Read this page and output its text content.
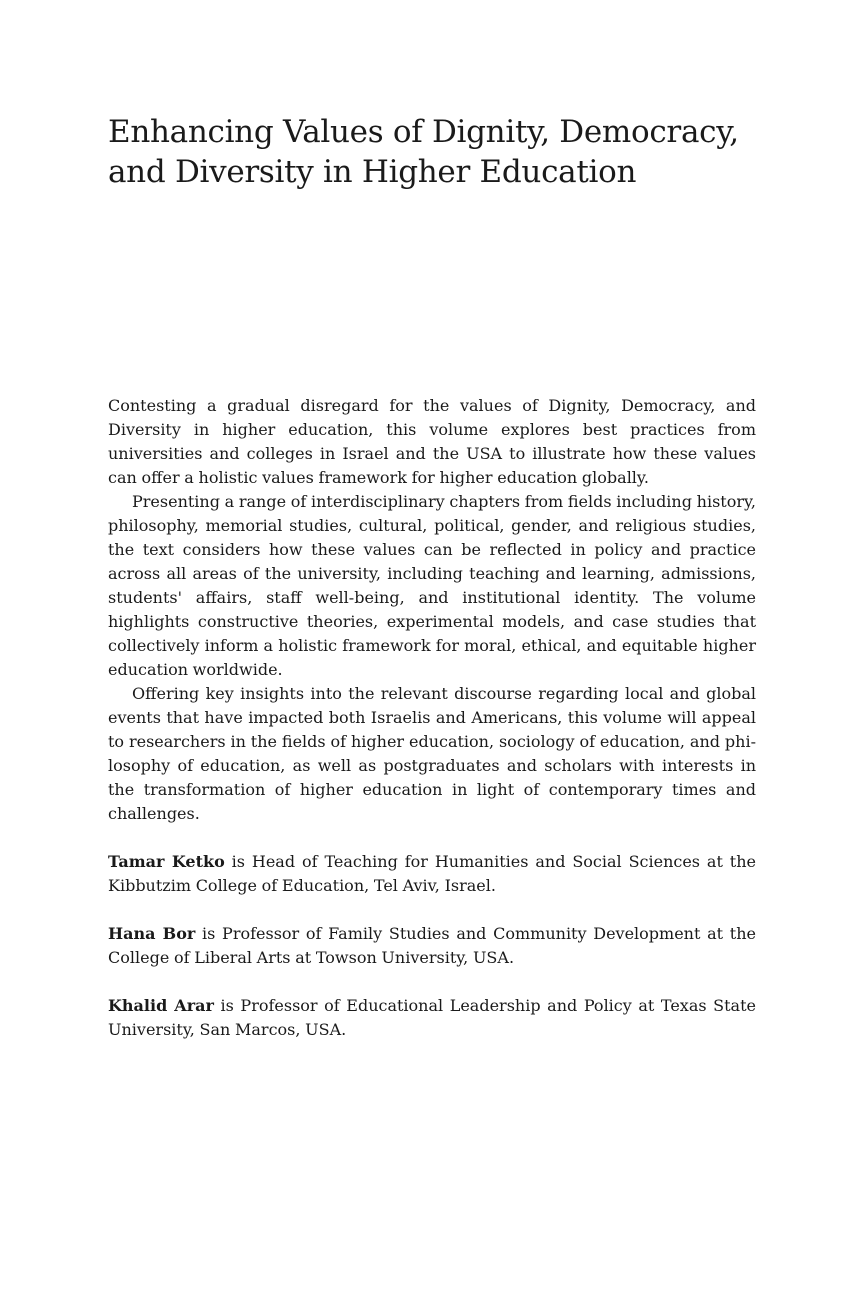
Enhancing Values of Dignity, Democracy,
and Diversity in Higher Education

Contesting a gradual disregard for the values of Dignity, Democracy, and Diversity in higher education, this volume explores best practices from universities and colleges in Israel and the USA to illustrate how these values can offer a holistic values framework for higher education globally.

Presenting a range of interdisciplinary chapters from fields including history, philosophy, memorial studies, cultural, political, gender, and religious studies, the text considers how these values can be reflected in policy and practice across all areas of the university, including teaching and learning, admissions, students' affairs, staff well-being, and institutional identity. The volume highlights constructive theories, experimental models, and case studies that collectively inform a holistic framework for moral, ethical, and equitable higher education worldwide.

Offering key insights into the relevant discourse regarding local and global events that have impacted both Israelis and Americans, this volume will appeal to researchers in the fields of higher education, sociology of education, and philosophy of education, as well as postgraduates and scholars with interests in the transformation of higher education in light of contemporary times and challenges.

Tamar Ketko is Head of Teaching for Humanities and Social Sciences at the Kibbutzim College of Education, Tel Aviv, Israel.

Hana Bor is Professor of Family Studies and Community Development at the College of Liberal Arts at Towson University, USA.

Khalid Arar is Professor of Educational Leadership and Policy at Texas State University, San Marcos, USA.
